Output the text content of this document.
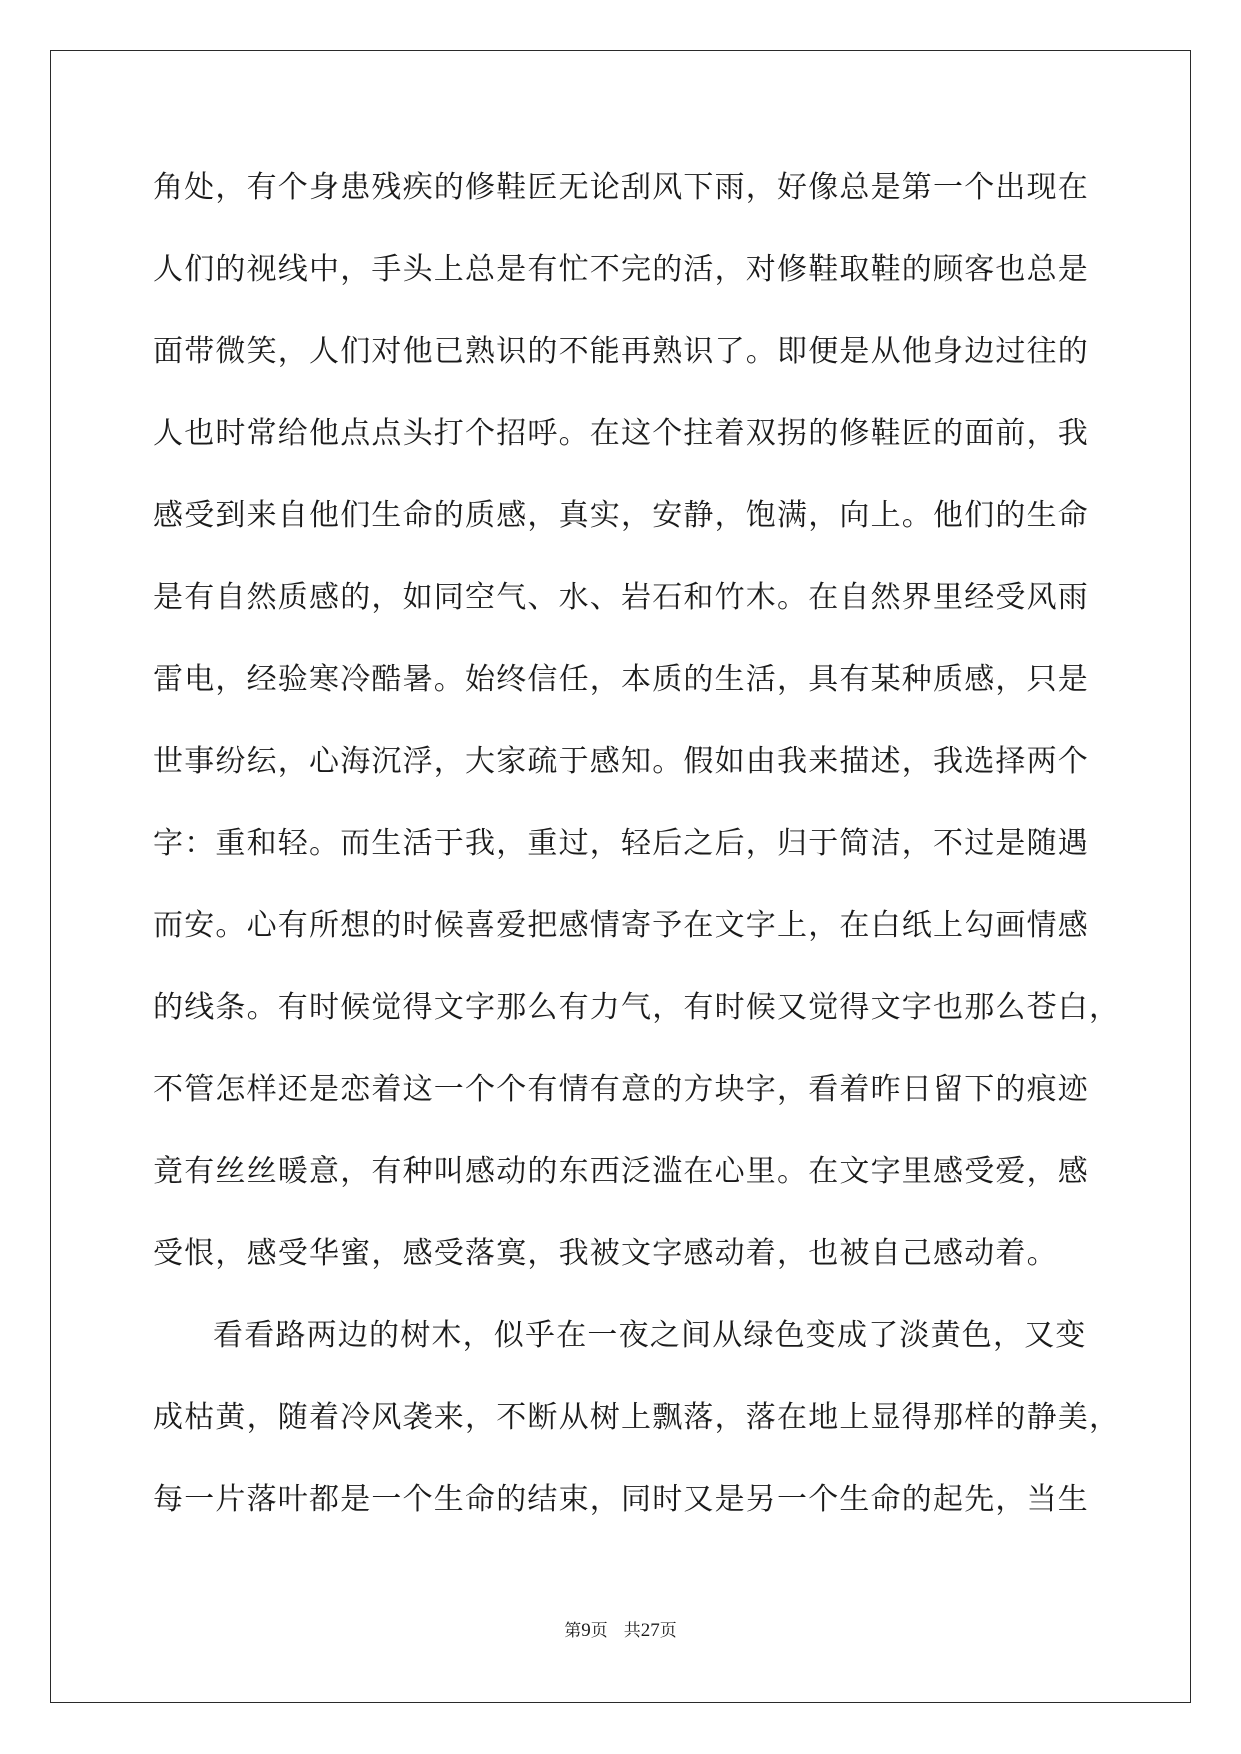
角处，有个身患残疾的修鞋匠无论刮风下雨，好像总是第一个出现在
人们的视线中，手头上总是有忙不完的活，对修鞋取鞋的顾客也总是
面带微笑，人们对他已熟识的不能再熟识了。即便是从他身边过往的
人也时常给他点点头打个招呼。在这个拄着双拐的修鞋匠的面前，我
感受到来自他们生命的质感，真实，安静，饱满，向上。他们的生命
是有自然质感的，如同空气、水、岩石和竹木。在自然界里经受风雨
雷电，经验寒冷酷暑。始终信任，本质的生活，具有某种质感，只是
世事纷纭，心海沉浮，大家疏于感知。假如由我来描述，我选择两个
字：重和轻。而生活于我，重过，轻后之后，归于简洁，不过是随遇
而安。心有所想的时候喜爱把感情寄予在文字上，在白纸上勾画情感
的线条。有时候觉得文字那么有力气，有时候又觉得文字也那么苍白，
不管怎样还是恋着这一个个有情有意的方块字，看着昨日留下的痕迹
竟有丝丝暖意，有种叫感动的东西泛滥在心里。在文字里感受爱，感
受恨，感受华蜜，感受落寞，我被文字感动着，也被自己感动着。
看看路两边的树木，似乎在一夜之间从绿色变成了淡黄色，又变
成枯黄，随着冷风袭来，不断从树上飘落，落在地上显得那样的静美，
每一片落叶都是一个生命的结束，同时又是另一个生命的起先，当生
第9页 共27页
